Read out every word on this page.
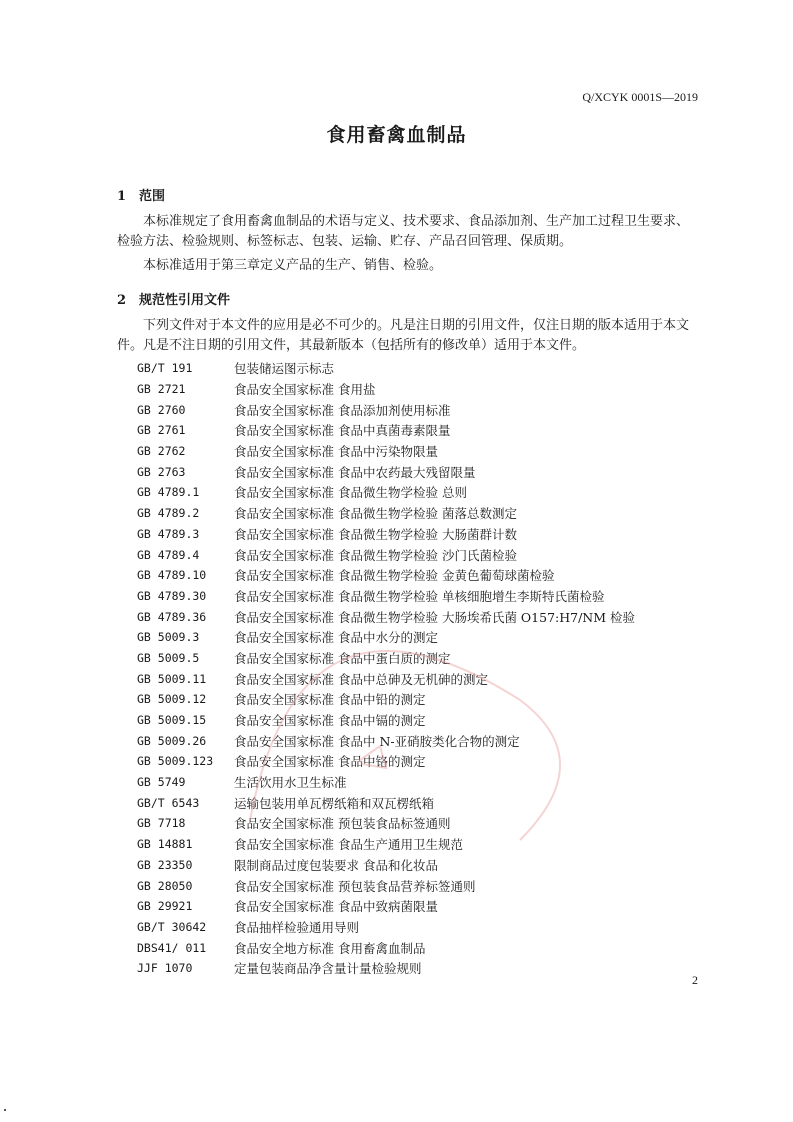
Q/XCYK 0001S—2019
食用畜禽血制品
1 范围

本标准规定了食用畜禽血制品的术语与定义、技术要求、食品添加剂、生产加工过程卫生要求、检验方法、检验规则、标签标志、包装、运输、贮存、产品召回管理、保质期。

本标准适用于第三章定义产品的生产、销售、检验。

2 规范性引用文件

下列文件对于本文件的应用是必不可少的。凡是注日期的引用文件，仅注日期的版本适用于本文件。凡是不注日期的引用文件，其最新版本（包括所有的修改单）适用于本文件。

GB/T 191	包装储运图示标志
GB 2721	食品安全国家标准 食用盐
GB 2760	食品安全国家标准 食品添加剂使用标准
GB 2761	食品安全国家标准 食品中真菌毒素限量
GB 2762	食品安全国家标准 食品中污染物限量
GB 2763	食品安全国家标准 食品中农药最大残留限量
GB 4789.1	食品安全国家标准 食品微生物学检验 总则
GB 4789.2	食品安全国家标准 食品微生物学检验 菌落总数测定
GB 4789.3	食品安全国家标准 食品微生物学检验 大肠菌群计数
GB 4789.4	食品安全国家标准 食品微生物学检验 沙门氏菌检验
GB 4789.10	食品安全国家标准 食品微生物学检验 金黄色葡萄球菌检验
GB 4789.30	食品安全国家标准 食品微生物学检验 单核细胞增生李斯特氏菌检验
GB 4789.36	食品安全国家标准 食品微生物学检验 大肠埃希氏菌 O157:H7/NM 检验
GB 5009.3	食品安全国家标准 食品中水分的测定
GB 5009.5	食品安全国家标准 食品中蛋白质的测定
GB 5009.11	食品安全国家标准 食品中总砷及无机砷的测定
GB 5009.12	食品安全国家标准 食品中铅的测定
GB 5009.15	食品安全国家标准 食品中镉的测定
GB 5009.26	食品安全国家标准 食品中 N-亚硝胺类化合物的测定
GB 5009.123	食品安全国家标准 食品中铬的测定
GB 5749	生活饮用水卫生标准
GB/T 6543	运输包装用单瓦楞纸箱和双瓦楞纸箱
GB 7718	食品安全国家标准 预包装食品标签通则
GB 14881	食品安全国家标准 食品生产通用卫生规范
GB 23350	限制商品过度包装要求 食品和化妆品
GB 28050	食品安全国家标准 预包装食品营养标签通则
GB 29921	食品安全国家标准 食品中致病菌限量
GB/T 30642	食品抽样检验通用导则
DBS41/ 011	食品安全地方标准 食用畜禽血制品
JJF 1070	定量包装商品净含量计量检验规则
2
